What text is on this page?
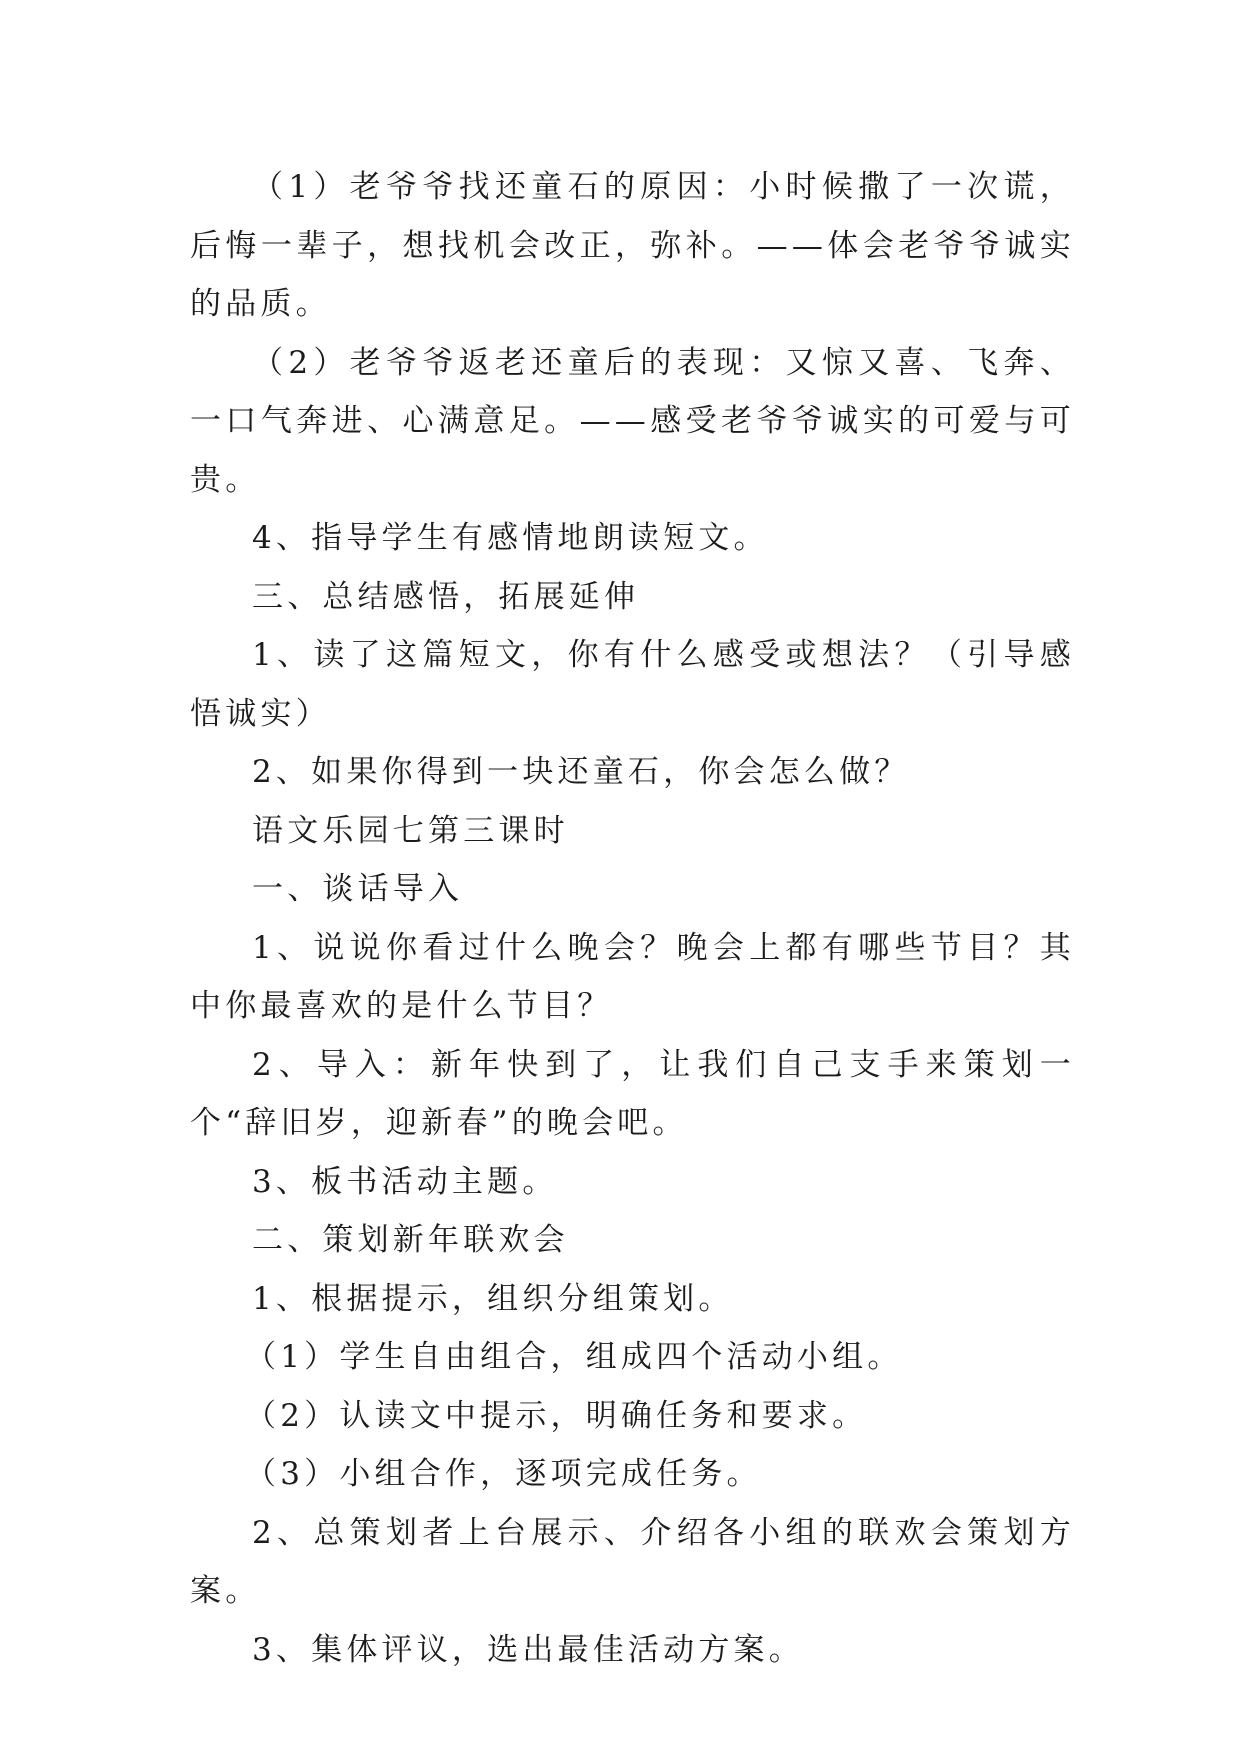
（1）老爷爷找还童石的原因：小时候撒了一次谎，后悔一辈子，想找机会改正，弥补。——体会老爷爷诚实的品质。

（2）老爷爷返老还童后的表现：又惊又喜、飞奔、一口气奔进、心满意足。——感受老爷爷诚实的可爱与可贵。

4、指导学生有感情地朗读短文。

三、总结感悟，拓展延伸

1、读了这篇短文，你有什么感受或想法？（引导感悟诚实）

2、如果你得到一块还童石，你会怎么做？

语文乐园七第三课时

一、谈话导入

1、说说你看过什么晚会？晚会上都有哪些节目？其中你最喜欢的是什么节目？

2、导入：新年快到了，让我们自己支手来策划一个“辞旧岁，迎新春”的晚会吧。

3、板书活动主题。

二、策划新年联欢会

1、根据提示，组织分组策划。

（1）学生自由组合，组成四个活动小组。

（2）认读文中提示，明确任务和要求。

（3）小组合作，逐项完成任务。

2、总策划者上台展示、介绍各小组的联欢会策划方案。

3、集体评议，选出最佳活动方案。
